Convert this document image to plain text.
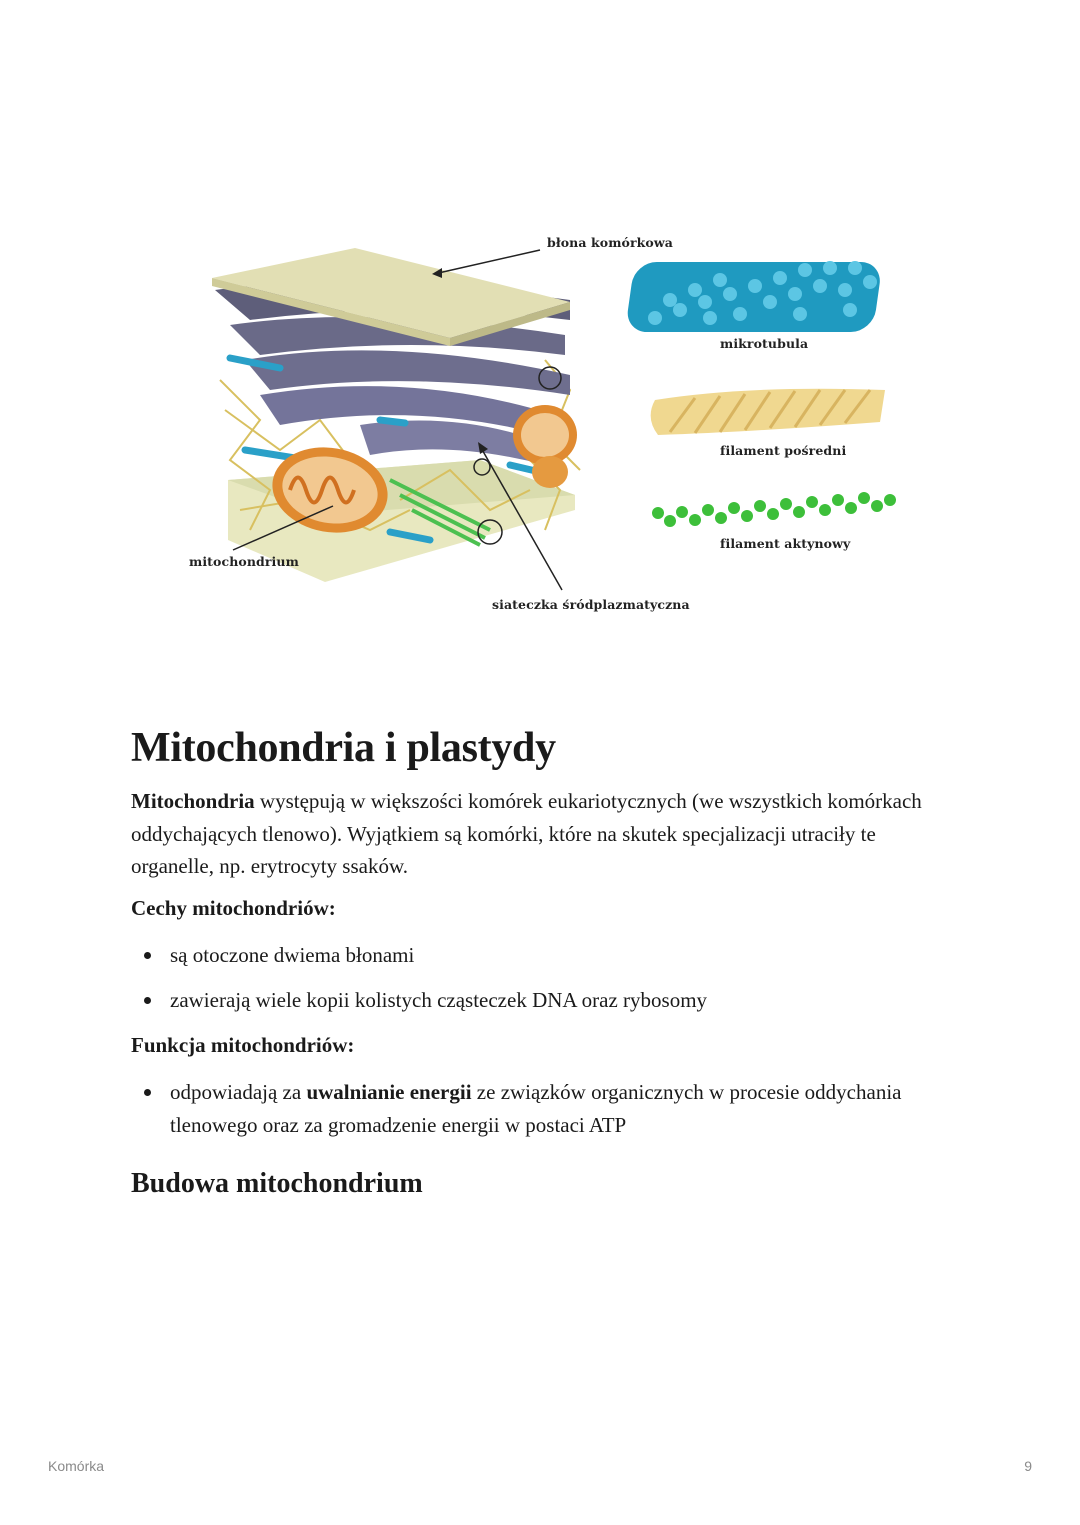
błona komórkowa
mikrotubula
filament pośredni
filament aktynowy
mitochondrium
siateczka śródplazmatyczna
Mitochondria i plastydy

Mitochondria występują w większości komórek eukariotycznych (we wszystkich komórkach oddychających tlenowo). Wyjątkiem są komórki, które na skutek specjalizacji utraciły te organelle, np. erytrocyty ssaków.

Cechy mitochondriów:

są otoczone dwiema błonami
zawierają wiele kopii kolistych cząsteczek DNA oraz rybosomy

Funkcja mitochondriów:

odpowiadają za uwalnianie energii ze związków organicznych w procesie oddychania tlenowego oraz za gromadzenie energii w postaci ATP
Budowa mitochondrium
Komórka	9
